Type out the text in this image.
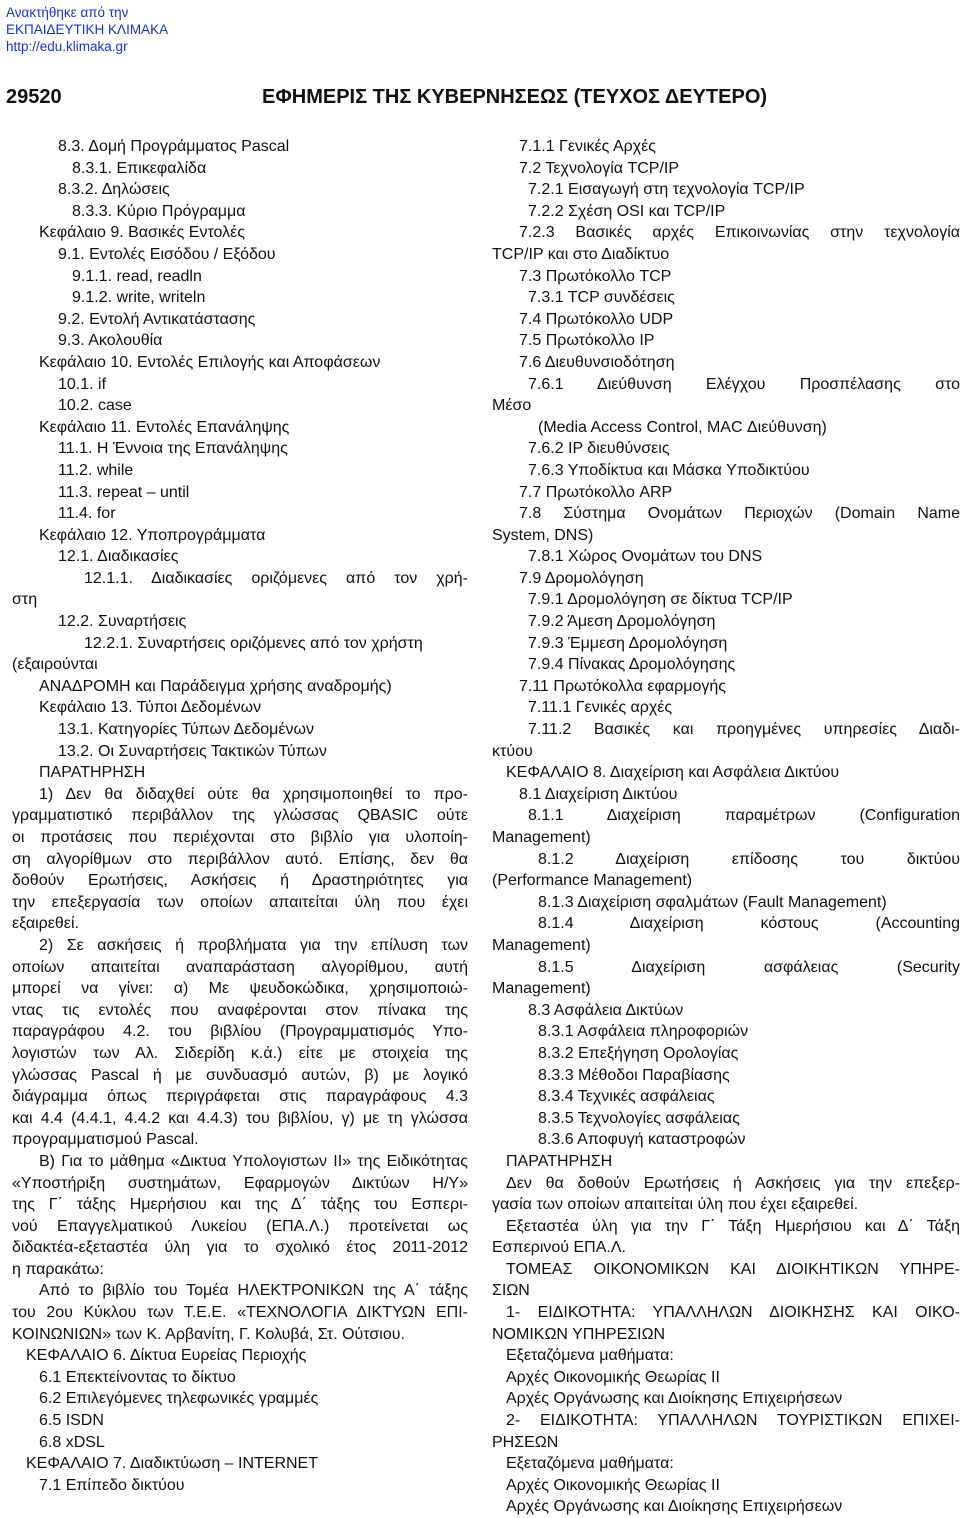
Ανακτήθηκε από την
ΕΚΠΑΙΔΕΥΤΙΚΗ ΚΛΙΜΑΚΑ
http://edu.klimaka.gr
29520	ΕΦΗΜΕΡΙΣ ΤΗΣ ΚΥΒΕΡΝΗΣΕΩΣ (ΤΕΥΧΟΣ ΔΕΥΤΕΡΟ)

8.3. Δομή Προγράμματος Pascal

8.3.1. Επικεφαλίδα

8.3.2. Δηλώσεις

8.3.3. Κύριο Πρόγραμμα

Κεφάλαιο 9. Βασικές Εντολές

9.1. Εντολές Εισόδου / Εξόδου

9.1.1. read, readln

9.1.2. write, writeln

9.2. Εντολή Αντικατάστασης

9.3. Ακολουθία

Κεφάλαιο 10. Εντολές Επιλογής και Αποφάσεων

10.1. if

10.2. case

Κεφάλαιο 11. Εντολές Επανάληψης

11.1. Η Έννοια της Επανάληψης

11.2. while

11.3. repeat – until

11.4. for

Κεφάλαιο 12. Υποπρογράμματα

12.1. Διαδικασίες

12.1.1. Διαδικασίες οριζόμενες από τον χρή-

στη

12.2. Συναρτήσεις

12.2.1. Συναρτήσεις οριζόμενες από τον χρήστη

(εξαιρούνται

ΑΝΑΔΡΟΜΗ και Παράδειγμα χρήσης αναδρομής)

Κεφάλαιο 13. Τύποι Δεδομένων

13.1. Κατηγορίες Τύπων Δεδομένων

13.2. Οι Συναρτήσεις Τακτικών Τύπων

ΠΑΡΑΤΗΡΗΣΗ

1) Δεν θα διδαχθεί ούτε θα χρησιμοποιηθεί το προ-

γραμματιστικό περιβάλλον της γλώσσας QBASIC ούτε

οι προτάσεις που περιέχονται στο βιβλίο για υλοποίη-

ση αλγορίθμων στο περιβάλλον αυτό. Επίσης, δεν θα

δοθούν Ερωτήσεις, Ασκήσεις ή Δραστηριότητες για

την επεξεργασία των οποίων απαιτείται ύλη που έχει

εξαιρεθεί.

2) Σε ασκήσεις ή προβλήματα για την επίλυση των

οποίων απαιτείται αναπαράσταση αλγορίθμου, αυτή

μπορεί να γίνει: α) Με ψευδοκώδικα, χρησιμοποιώ-

ντας τις εντολές που αναφέρονται στον πίνακα της

παραγράφου 4.2. του βιβλίου (Προγραμματισμός Υπο-

λογιστών των Αλ. Σιδερίδη κ.ά.) είτε με στοιχεία της

γλώσσας Pascal ή με συνδυασμό αυτών, β) με λογικό

διάγραμμα όπως περιγράφεται στις παραγράφους 4.3

και 4.4 (4.4.1, 4.4.2 και 4.4.3) του βιβλίου, γ) με τη γλώσσα

προγραμματισμού Pascal.

Β) Για το μάθημα «Δικτυα Υπολογιστων ΙΙ» της Ειδικότητας

«Υποστήριξη συστημάτων, Εφαρμογών Δικτύων Η/Υ»

της Γ΄ τάξης Ημερήσιου και της Δ΄ τάξης του Εσπερι-

νού Επαγγελματικού Λυκείου (ΕΠΑ.Λ.) προτείνεται ως

διδακτέα-εξεταστέα ύλη για το σχολικό έτος 2011-2012

η παρακάτω:

Από το βιβλίο του Τομέα ΗΛΕΚΤΡΟΝΙΚΩΝ της Α΄ τάξης

του 2ου Κύκλου των Τ.Ε.Ε. «ΤΕΧΝΟΛΟΓΙΑ ΔΙΚΤΥΩΝ ΕΠΙ-

ΚΟΙΝΩΝΙΩΝ» των Κ. Αρβανίτη, Γ. Κολυβά, Στ. Ούτσιου.

ΚΕΦΑΛΑΙΟ 6. Δίκτυα Ευρείας Περιοχής

6.1 Επεκτείνοντας το δίκτυο

6.2 Επιλεγόμενες τηλεφωνικές γραμμές

6.5 ISDN

6.8 xDSL

ΚΕΦΑΛΑΙΟ 7. Διαδικτύωση – INTERNET

7.1 Επίπεδο δικτύου

7.1.1 Γενικές Αρχές

7.2 Τεχνολογία TCP/IP

7.2.1 Εισαγωγή στη τεχνολογία TCP/IP

7.2.2 Σχέση OSI και TCP/IP

7.2.3 Βασικές αρχές Επικοινωνίας στην τεχνολογία

TCP/IP και στο Διαδίκτυο

7.3 Πρωτόκολλο TCP

7.3.1 TCP συνδέσεις

7.4 Πρωτόκολλο UDP

7.5 Πρωτόκολλο IP

7.6 Διευθυνσιοδότηση

7.6.1 Διεύθυνση Ελέγχου Προσπέλασης στο

Μέσο

(Media Access Control, MAC Διεύθυνση)

7.6.2 IP διευθύνσεις

7.6.3 Υποδίκτυα και Μάσκα Υποδικτύου

7.7 Πρωτόκολλο ARP

7.8 Σύστημα Ονομάτων Περιοχών (Domain Name

System, DNS)

7.8.1 Χώρος Ονομάτων του DNS

7.9 Δρομολόγηση

7.9.1 Δρομολόγηση σε δίκτυα TCP/IP

7.9.2 Άμεση Δρομολόγηση

7.9.3 Έμμεση Δρομολόγηση

7.9.4 Πίνακας Δρομολόγησης

7.11 Πρωτόκολλα εφαρμογής

7.11.1 Γενικές αρχές

7.11.2 Βασικές και προηγμένες υπηρεσίες Διαδι-

κτύου

ΚΕΦΑΛΑΙΟ 8. Διαχείριση και Ασφάλεια Δικτύου

8.1 Διαχείριση Δικτύου

8.1.1 Διαχείριση παραμέτρων (Configuration

Management)

8.1.2 Διαχείριση επίδοσης του δικτύου

(Performance Management)

8.1.3 Διαχείριση σφαλμάτων (Fault Management)

8.1.4 Διαχείριση κόστους (Accounting

Management)

8.1.5 Διαχείριση ασφάλειας (Security

Management)

8.3 Ασφάλεια Δικτύων

8.3.1 Ασφάλεια πληροφοριών

8.3.2 Επεξήγηση Ορολογίας

8.3.3 Μέθοδοι Παραβίασης

8.3.4 Τεχνικές ασφάλειας

8.3.5 Τεχνολογίες ασφάλειας

8.3.6 Αποφυγή καταστροφών

ΠΑΡΑΤΗΡΗΣΗ

Δεν θα δοθούν Ερωτήσεις ή Ασκήσεις για την επεξερ-

γασία των οποίων απαιτείται ύλη που έχει εξαιρεθεί.

Εξεταστέα ύλη για την Γ΄ Τάξη Ημερήσιου και Δ΄ Τάξη

Εσπερινού ΕΠΑ.Λ.

ΤΟΜΕΑΣ ΟΙΚΟΝΟΜΙΚΩΝ ΚΑΙ ΔΙΟΙΚΗΤΙΚΩΝ ΥΠΗΡΕ-

ΣΙΩΝ

1- ΕΙΔΙΚΟΤΗΤΑ: ΥΠΑΛΛΗΛΩΝ ΔΙΟΙΚΗΣΗΣ ΚΑΙ ΟΙΚΟ-

ΝΟΜΙΚΩΝ ΥΠΗΡΕΣΙΩΝ

Εξεταζόμενα μαθήματα:

Αρχές Οικονομικής Θεωρίας ΙΙ

Αρχές Οργάνωσης και Διοίκησης Επιχειρήσεων

2- ΕΙΔΙΚΟΤΗΤΑ: ΥΠΑΛΛΗΛΩΝ ΤΟΥΡΙΣΤΙΚΩΝ ΕΠΙΧΕΙ-

ΡΗΣΕΩΝ

Εξεταζόμενα μαθήματα:

Αρχές Οικονομικής Θεωρίας ΙΙ

Αρχές Οργάνωσης και Διοίκησης Επιχειρήσεων
